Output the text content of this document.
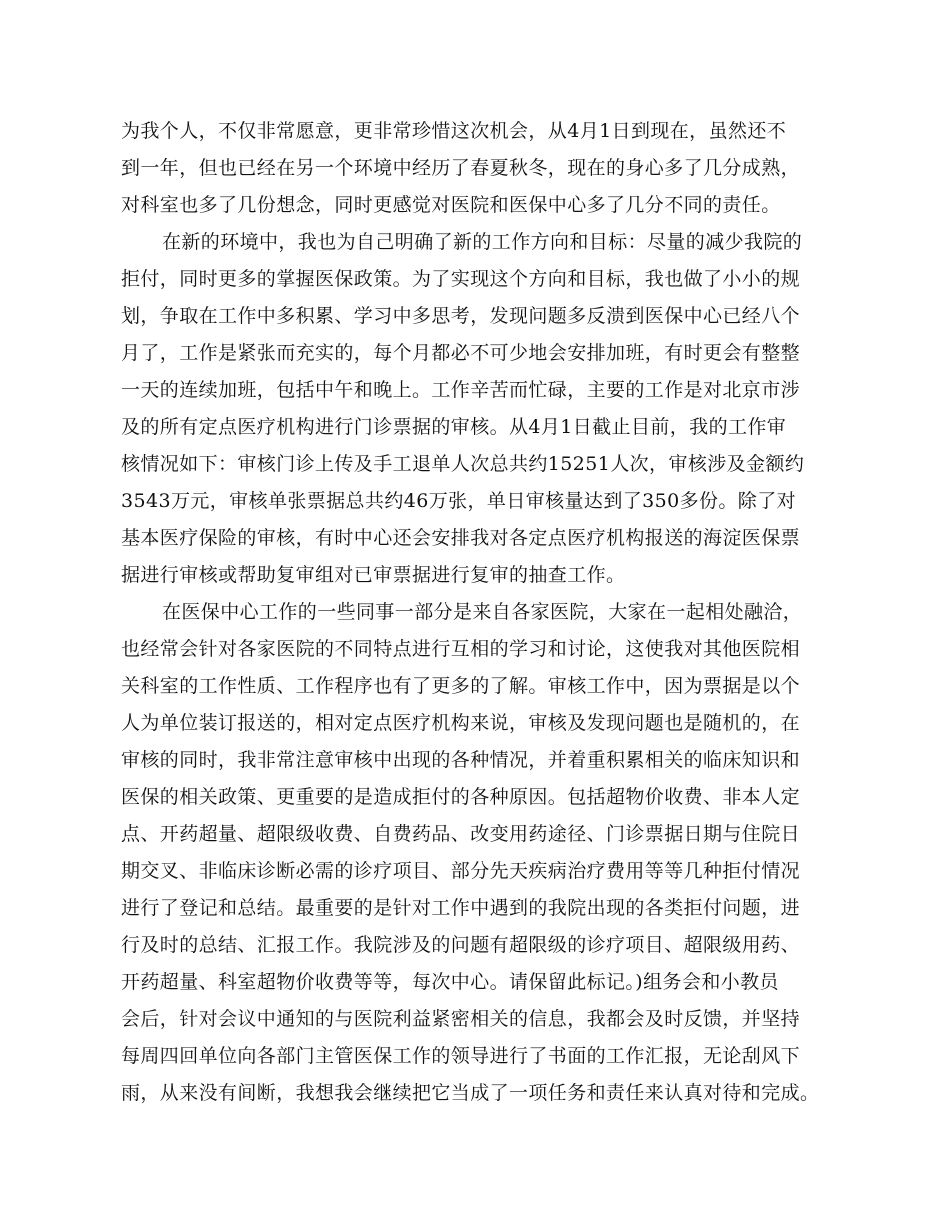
为我个人，不仅非常愿意，更非常珍惜这次机会，从4月1日到现在，虽然还不
到一年，但也已经在另一个环境中经历了春夏秋冬，现在的身心多了几分成熟，
对科室也多了几份想念，同时更感觉对医院和医保中心多了几分不同的责任。
在新的环境中，我也为自己明确了新的工作方向和目标：尽量的减少我院的
拒付，同时更多的掌握医保政策。为了实现这个方向和目标，我也做了小小的规
划，争取在工作中多积累、学习中多思考，发现问题多反溃到医保中心已经八个
月了，工作是紧张而充实的，每个月都必不可少地会安排加班，有时更会有整整
一天的连续加班，包括中午和晚上。工作辛苦而忙碌，主要的工作是对北京市涉
及的所有定点医疗机构进行门诊票据的审核。从4月1日截止目前，我的工作审
核情况如下：审核门诊上传及手工退单人次总共约15251人次，审核涉及金额约
3543万元，审核单张票据总共约46万张，单日审核量达到了350多份。除了对
基本医疗保险的审核，有时中心还会安排我对各定点医疗机构报送的海淀医保票
据进行审核或帮助复审组对已审票据进行复审的抽查工作。
在医保中心工作的一些同事一部分是来自各家医院，大家在一起相处融洽，
也经常会针对各家医院的不同特点进行互相的学习和讨论，这使我对其他医院相
关科室的工作性质、工作程序也有了更多的了解。审核工作中，因为票据是以个
人为单位装订报送的，相对定点医疗机构来说，审核及发现问题也是随机的，在
审核的同时，我非常注意审核中出现的各种情况，并着重积累相关的临床知识和
医保的相关政策、更重要的是造成拒付的各种原因。包括超物价收费、非本人定
点、开药超量、超限级收费、自费药品、改变用药途径、门诊票据日期与住院日
期交叉、非临床诊断必需的诊疗项目、部分先天疾病治疗费用等等几种拒付情况
进行了登记和总结。最重要的是针对工作中遇到的我院出现的各类拒付问题，进
行及时的总结、汇报工作。我院涉及的问题有超限级的诊疗项目、超限级用药、
开药超量、科室超物价收费等等，每次中心。请保留此标记。)组务会和小教员
会后，针对会议中通知的与医院利益紧密相关的信息，我都会及时反馈，并坚持
每周四回单位向各部门主管医保工作的领导进行了书面的工作汇报，无论刮风下
雨，从来没有间断，我想我会继续把它当成了一项任务和责任来认真对待和完成。
